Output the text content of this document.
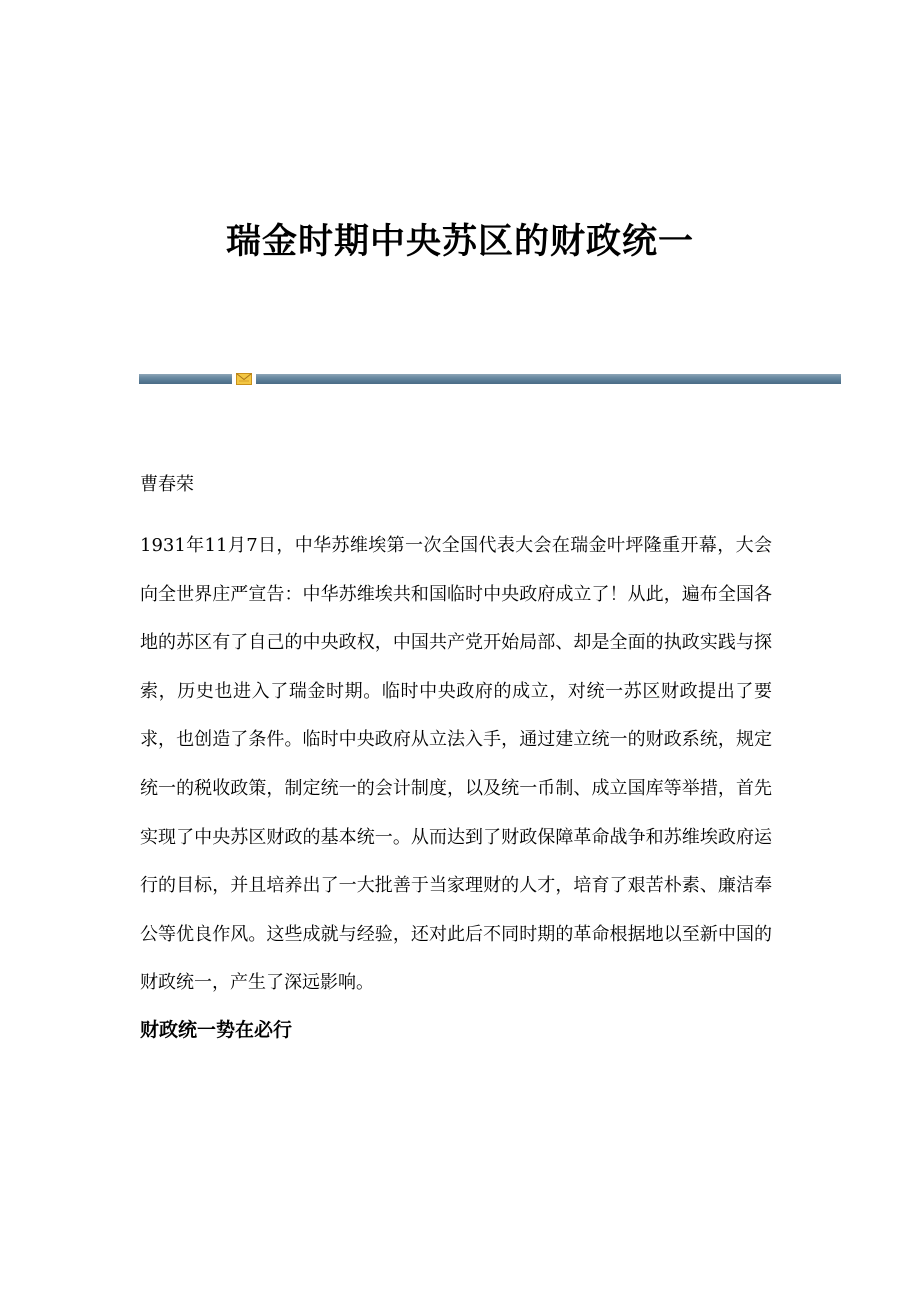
瑞金时期中央苏区的财政统一
曹春荣

1931年11月7日，中华苏维埃第一次全国代表大会在瑞金叶坪隆重开幕，大会向全世界庄严宣告：中华苏维埃共和国临时中央政府成立了！从此，遍布全国各地的苏区有了自己的中央政权，中国共产党开始局部、却是全面的执政实践与探索，历史也进入了瑞金时期。临时中央政府的成立，对统一苏区财政提出了要求，也创造了条件。临时中央政府从立法入手，通过建立统一的财政系统，规定统一的税收政策，制定统一的会计制度，以及统一币制、成立国库等举措，首先实现了中央苏区财政的基本统一。从而达到了财政保障革命战争和苏维埃政府运行的目标，并且培养出了一大批善于当家理财的人才，培育了艰苦朴素、廉洁奉公等优良作风。这些成就与经验，还对此后不同时期的革命根据地以至新中国的财政统一，产生了深远影响。

财政统一势在必行
